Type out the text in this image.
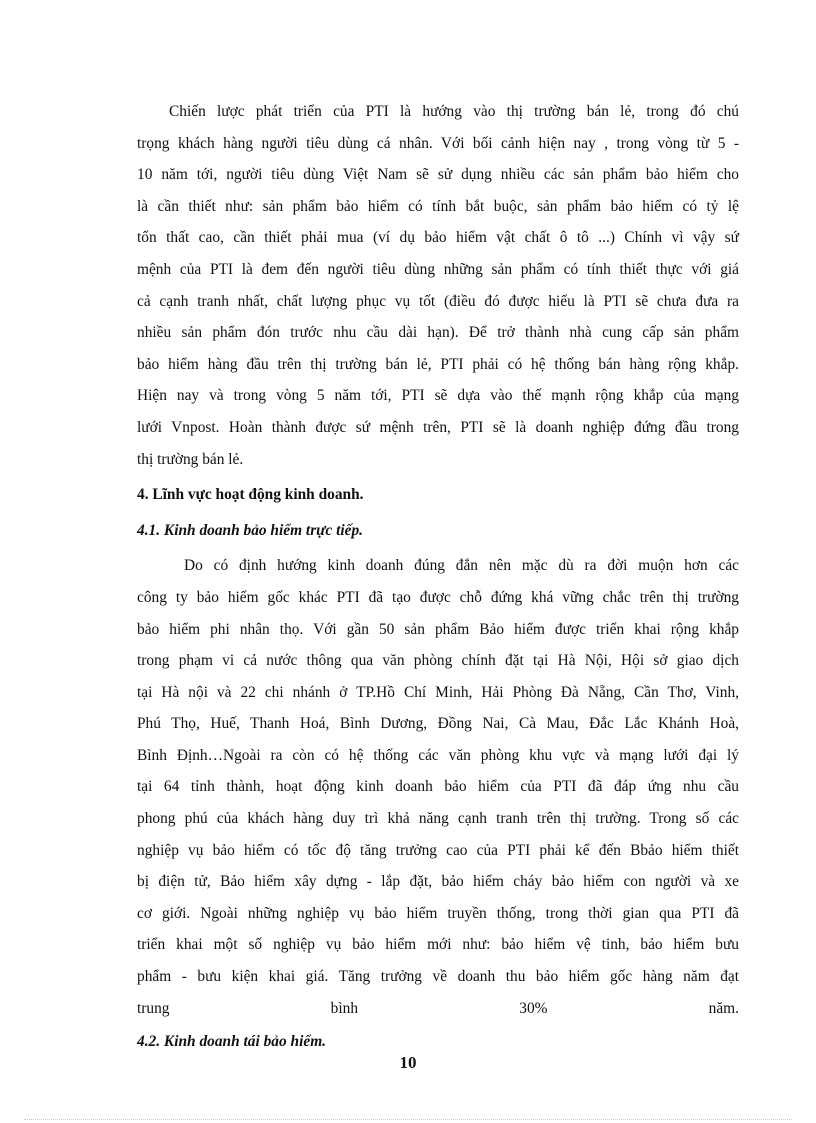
Chiến lược phát triển của PTI là hướng vào thị trường bán lẻ, trong đó chú
trọng khách hàng người tiêu dùng cá nhân. Với bối cảnh hiện nay , trong vòng từ 5 -
10 năm tới, người tiêu dùng Việt Nam sẽ sử dụng nhiều các sản phẩm bảo hiểm cho
là cần thiết như: sản phẩm bảo hiểm có tính bắt buộc, sản phẩm bảo hiểm có tỷ lệ
tổn thất cao, cần thiết phải mua (ví dụ bảo hiểm vật chất ô tô ...) Chính vì vậy sứ
mệnh của PTI là đem đến người tiêu dùng những sản phẩm có tính thiết thực với giá
cả cạnh tranh nhất, chất lượng phục vụ tốt (điều đó được hiểu là PTI sẽ chưa đưa ra
nhiều sản phẩm đón trước nhu cầu dài hạn). Để trở thành nhà cung cấp sản phẩm
bảo hiểm hàng đầu trên thị trường bán lẻ, PTI phải có hệ thống bán hàng rộng khắp.
Hiện nay và trong vòng 5 năm tới, PTI sẽ dựa vào thế mạnh rộng khắp của mạng
lưới Vnpost. Hoàn thành được sứ mệnh trên, PTI sẽ là doanh nghiệp đứng đầu trong
thị trường bán lẻ.
4. Lĩnh vực hoạt động kinh doanh.
4.1. Kinh doanh bảo hiểm trực tiếp.
Do có định hướng kinh doanh đúng đắn nên mặc dù ra đời muộn hơn các
công ty bảo hiểm gốc khác PTI đã tạo được chỗ đứng khá vững chắc trên thị trường
bảo hiểm phi nhân thọ. Với gần 50 sản phẩm Bảo hiểm được triển khai rộng khắp
trong phạm vi cả nước thông qua văn phòng chính đặt tại Hà Nội, Hội sở giao dịch
tại Hà nội và 22 chi nhánh ở TP.Hồ Chí Minh, Hải Phòng Đà Nẵng, Cần Thơ, Vinh,
Phú Thọ, Huế, Thanh Hoá, Bình Dương, Đồng Nai, Cà Mau, Đắc Lắc Khánh Hoà,
Bình Định…Ngoài ra còn có hệ thống các văn phòng khu vực và mạng lưới đại lý
tại 64 tỉnh thành, hoạt động kinh doanh bảo hiểm của PTI đã đáp ứng nhu cầu
phong phú của khách hàng duy trì khả năng cạnh tranh trên thị trường. Trong số các
nghiệp vụ bảo hiểm có tốc độ tăng trưởng cao của PTI phải kể đến Bbảo hiểm thiết
bị điện tử, Bảo hiểm xây dựng - lắp đặt, bảo hiểm cháy bảo hiểm con người và xe
cơ giới. Ngoài những nghiệp vụ bảo hiểm truyền thống, trong thời gian qua PTI đã
triển khai một số nghiệp vụ bảo hiểm mới như: bảo hiểm vệ tinh, bảo hiểm bưu
phẩm - bưu kiện khai giá. Tăng trưởng về doanh thu bảo hiểm gốc hàng năm đạt
trung bình 30% năm.
4.2. Kinh doanh tái bảo hiểm.
10
